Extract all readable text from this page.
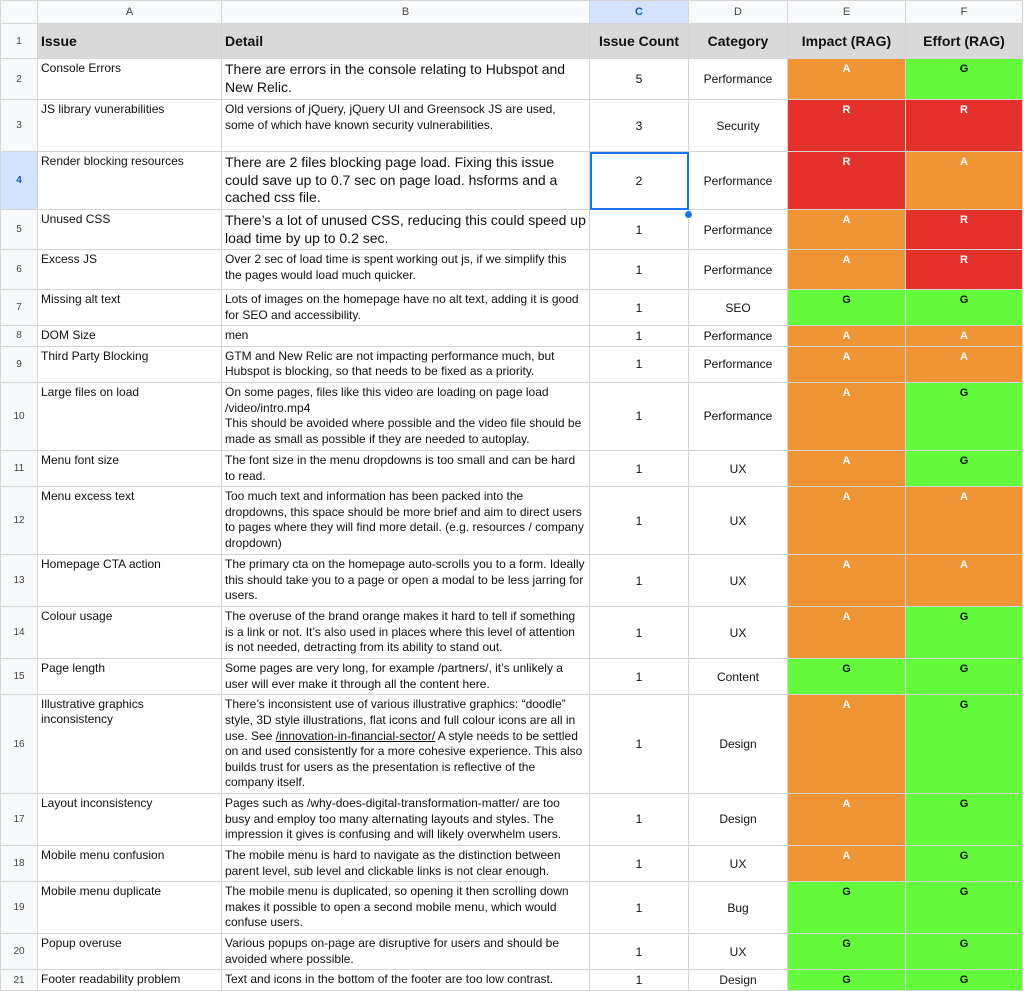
	A	B	C	D	E	F
1	Issue	Detail	Issue Count	Category	Impact (RAG)	Effort (RAG)
2	Console Errors	There are errors in the console relating to Hubspot and New Relic.	5	Performance	A	G
3	JS library vunerabilities	Old versions of jQuery, jQuery UI and Greensock JS are used, some of which have known security vulnerabilities.	3	Security	R	R
4	Render blocking resources	There are 2 files blocking page load. Fixing this issue could save up to 0.7 sec on page load. hsforms and a cached css file.	2	Performance	R	A
5	Unused CSS	There’s a lot of unused CSS, reducing this could speed up load time by up to 0.2 sec.	1	Performance	A	R
6	Excess JS	Over 2 sec of load time is spent working out js, if we simplify this the pages would load much quicker.	1	Performance	A	R
7	Missing alt text	Lots of images on the homepage have no alt text, adding it is good for SEO and accessibility.	1	SEO	G	G
8	DOM Size	men	1	Performance	A	A
9	Third Party Blocking	GTM and New Relic are not impacting performance much, but Hubspot is blocking, so that needs to be fixed as a priority.	1	Performance	A	A
10	Large files on load	On some pages, files like this video are loading on page load
/video/intro.mp4
This should be avoided where possible and the video file should be made as small as possible if they are needed to autoplay.	1	Performance	A	G
11	Menu font size	The font size in the menu dropdowns is too small and can be hard to read.	1	UX	A	G
12	Menu excess text	Too much text and information has been packed into the dropdowns, this space should be more brief and aim to direct users to pages where they will find more detail. (e.g. resources / company dropdown)	1	UX	A	A
13	Homepage CTA action	The primary cta on the homepage auto-scrolls you to a form. Ideally this should take you to a page or open a modal to be less jarring for users.	1	UX	A	A
14	Colour usage	The overuse of the brand orange makes it hard to tell if something is a link or not. It’s also used in places where this level of attention is not needed, detracting from its ability to stand out.	1	UX	A	G
15	Page length	Some pages are very long, for example /partners/, it’s unlikely a user will ever make it through all the content here.	1	Content	G	G
16	Illustrative graphics inconsistency	There’s inconsistent use of various illustrative graphics: “doodle” style, 3D style illustrations, flat icons and full colour icons are all in use. See /innovation-in-financial-sector/ A style needs to be settled on and used consistently for a more cohesive experience. This also builds trust for users as the presentation is reflective of the company itself.	1	Design	A	G
17	Layout inconsistency	Pages such as /why-does-digital-transformation-matter/ are too busy and employ too many alternating layouts and styles. The impression it gives is confusing and will likely overwhelm users.	1	Design	A	G
18	Mobile menu confusion	The mobile menu is hard to navigate as the distinction between parent level, sub level and clickable links is not clear enough.	1	UX	A	G
19	Mobile menu duplicate	The mobile menu is duplicated, so opening it then scrolling down makes it possible to open a second mobile menu, which would confuse users.	1	Bug	G	G
20	Popup overuse	Various popups on-page are disruptive for users and should be avoided where possible.	1	UX	G	G
21	Footer readability problem	Text and icons in the bottom of the footer are too low contrast.	1	Design	G	G
